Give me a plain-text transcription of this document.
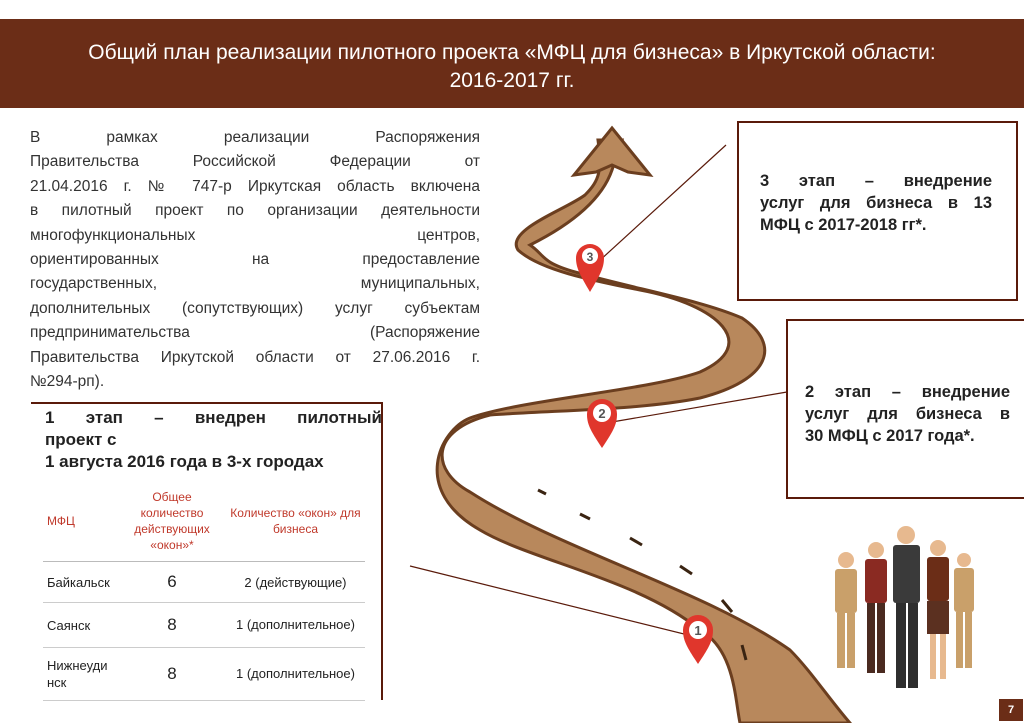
Общий план реализации пилотного проекта «МФЦ для бизнеса» в Иркутской области:
2016-2017 гг.
3
2
1
В рамках реализации Распоряжения
Правительства Российской Федерации от
21.04.2016 г. № 747-р Иркутская область включена
в пилотный проект по организации деятельности
многофункциональных центров,
ориентированных на предоставление
государственных, муниципальных,
дополнительных (сопутствующих) услуг субъектам
предпринимательства (Распоряжение
Правительства Иркутской области от 27.06.2016 г.
№294-рп).
1 этап – внедрен пилотный
проект с
1 августа 2016 года в 3-х городах
МФЦ	Общее количество действующих «окон»*	Количество «окон» для бизнеса
Байкальск	6	2 (действующие)
Саянск	8	1 (дополнительное)
Нижнеудинск	8	1 (дополнительное)
3 этап – внедрение
услуг для бизнеса в 13
МФЦ с 2017-2018 гг*.
2 этап – внедрение
услуг для бизнеса в
30 МФЦ с 2017 года*.
7
